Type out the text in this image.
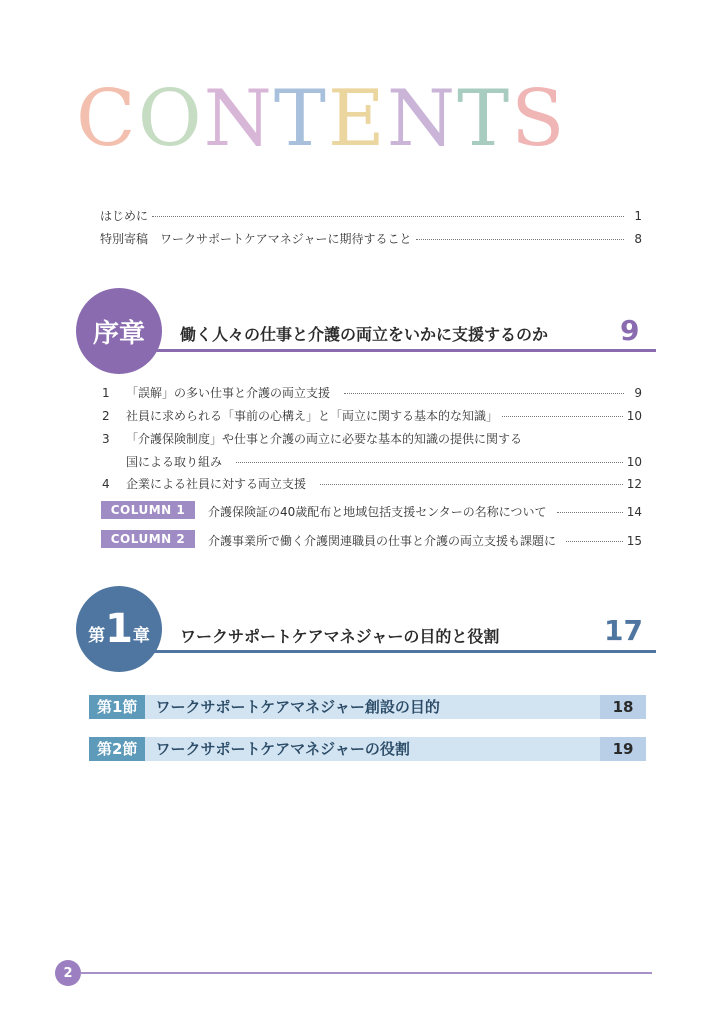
CONTENTS
はじめに	1
特別寄稿　ワークサポートケアマネジャーに期待すること	8
序章 働く人々の仕事と介護の両立をいかに支援するのか	9
1	「誤解」の多い仕事と介護の両立支援	9
2	社員に求められる「事前の心構え」と「両立に関する基本的な知識」	10
3	「介護保険制度」や仕事と介護の両立に必要な基本的知識の提供に関する
国による取り組み	10
4	企業による社員に対する両立支援	12
COLUMN 1	介護保険証の40歳配布と地域包括支援センターの名称について	14
COLUMN 2	介護事業所で働く介護関連職員の仕事と介護の両立支援も課題に	15
第 1 章 ワークサポートケアマネジャーの目的と役割	17
第1節	ワークサポートケアマネジャー創設の目的	18
第2節	ワークサポートケアマネジャーの役割	19
2
